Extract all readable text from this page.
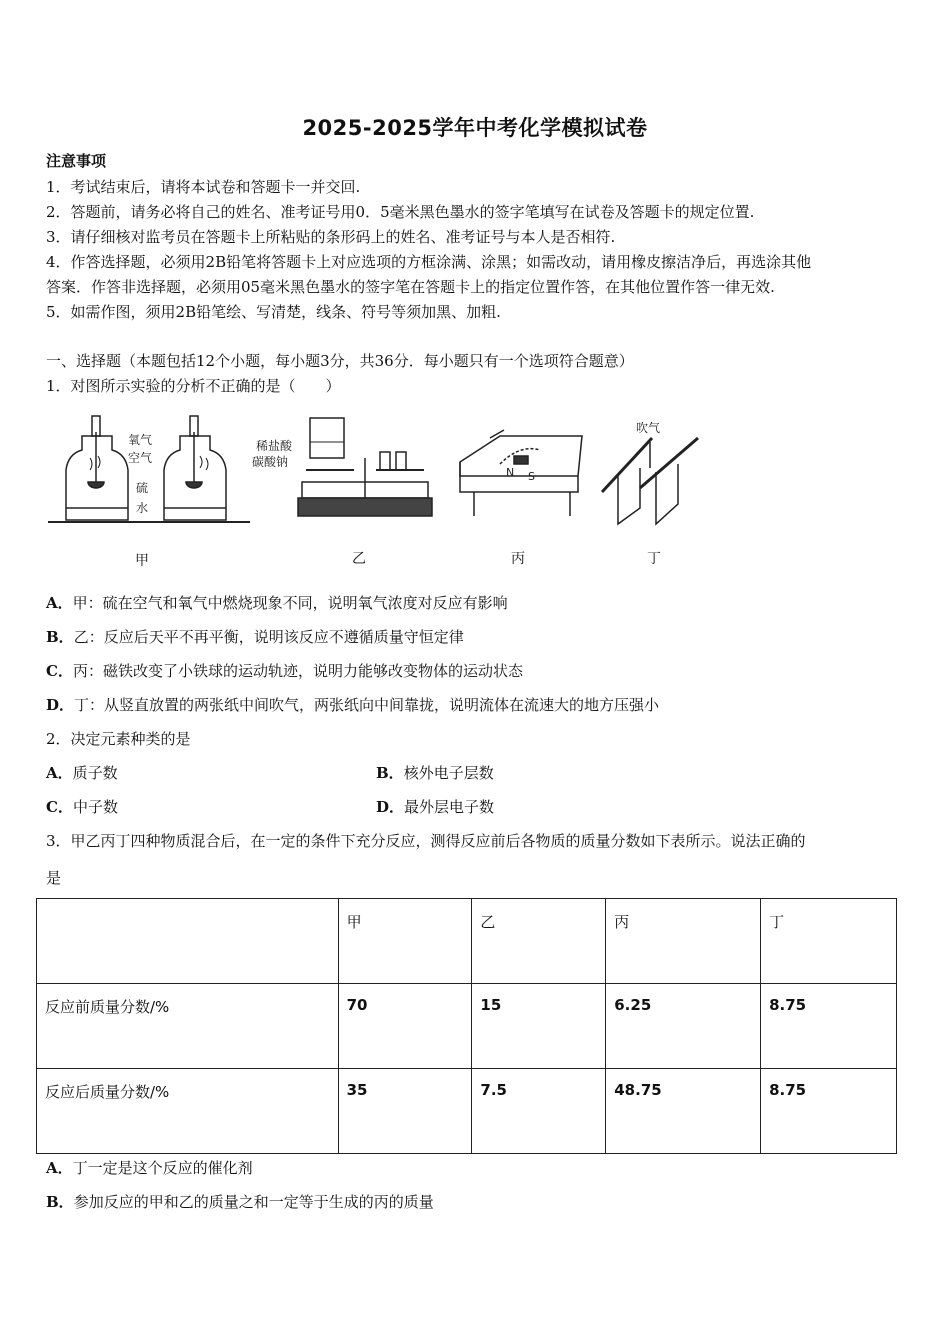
2025-2025学年中考化学模拟试卷
注意事项
1．考试结束后，请将本试卷和答题卡一并交回.
2．答题前，请务必将自己的姓名、准考证号用0．5毫米黑色墨水的签字笔填写在试卷及答题卡的规定位置.
3．请仔细核对监考员在答题卡上所粘贴的条形码上的姓名、准考证号与本人是否相符.
4．作答选择题，必须用2B铅笔将答题卡上对应选项的方框涂满、涂黑；如需改动，请用橡皮擦洁净后，再选涂其他
答案．作答非选择题，必须用05毫米黑色墨水的签字笔在答题卡上的指定位置作答，在其他位置作答一律无效.
5．如需作图，须用2B铅笔绘、写清楚，线条、符号等须加黑、加粗.
一、选择题（本题包括12个小题，每小题3分，共36分．每小题只有一个选项符合题意）
1．对图所示实验的分析不正确的是（　　）
氧气
空气
硫
水
稀盐酸
碳酸钠
N S
吹气
甲	乙	丙	丁
A．甲：硫在空气和氧气中燃烧现象不同，说明氧气浓度对反应有影响
B．乙：反应后天平不再平衡，说明该反应不遵循质量守恒定律
C．丙：磁铁改变了小铁球的运动轨迹，说明力能够改变物体的运动状态
D．丁：从竖直放置的两张纸中间吹气，两张纸向中间靠拢，说明流体在流速大的地方压强小
2．决定元素种类的是
A．质子数	B．核外电子层数
C．中子数	D．最外层电子数
3．甲乙丙丁四种物质混合后，在一定的条件下充分反应，测得反应前后各物质的质量分数如下表所示。说法正确的
是
	甲	乙	丙	丁
反应前质量分数/%	70	15	6.25	8.75
反应后质量分数/%	35	7.5	48.75	8.75
A．丁一定是这个反应的催化剂
B．参加反应的甲和乙的质量之和一定等于生成的丙的质量
